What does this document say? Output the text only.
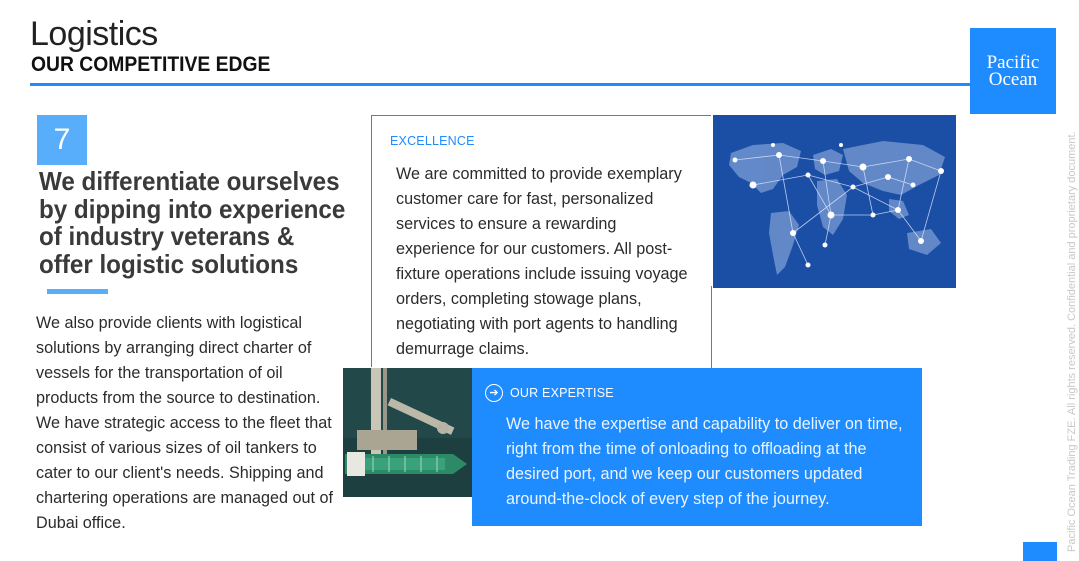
Logistics
OUR COMPETITIVE EDGE	Pacific
Ocean
7
We differentiate ourselves by dipping into experience of industry veterans & offer logistic solutions
We also provide clients with logistical solutions by arranging direct charter of vessels for the transportation of oil products from the source to destination. We have strategic access to the fleet that consist of various sizes of oil tankers to cater to our client's needs. Shipping and chartering operations are managed out of Dubai office.
EXCELLENCE
We are committed to provide exemplary customer care for fast, personalized services to ensure a rewarding experience for our customers. All post-fixture operations include issuing voyage orders, completing stowage plans, negotiating with port agents to handling demurrage claims.
➔ OUR EXPERTISE
We have the expertise and capability to deliver on time, right from the time of onloading to offloading at the desired port, and we keep our customers updated around-the-clock of every step of the journey.	Pacific Ocean Trading FZE. All rights reserved. Confidential and proprietary document.
